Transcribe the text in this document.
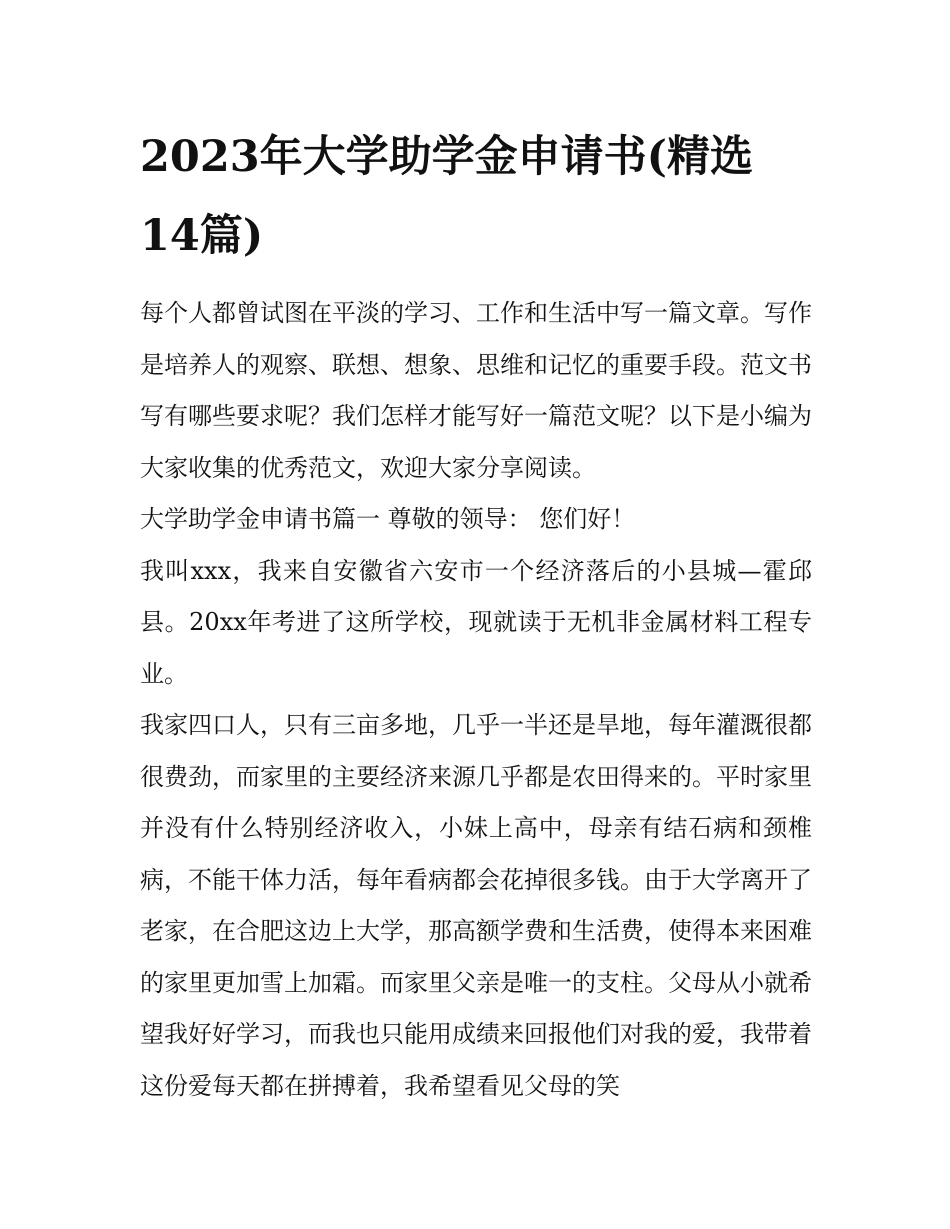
2023年大学助学金申请书(精选14篇)

每个人都曾试图在平淡的学习、工作和生活中写一篇文章。写作是培养人的观察、联想、想象、思维和记忆的重要手段。范文书写有哪些要求呢？我们怎样才能写好一篇范文呢？以下是小编为大家收集的优秀范文，欢迎大家分享阅读。

大学助学金申请书篇一 尊敬的领导： 您们好！

我叫xxx，我来自安徽省六安市一个经济落后的小县城—霍邱县。20xx年考进了这所学校，现就读于无机非金属材料工程专业。

我家四口人，只有三亩多地，几乎一半还是旱地，每年灌溉很都很费劲，而家里的主要经济来源几乎都是农田得来的。平时家里并没有什么特别经济收入，小妹上高中，母亲有结石病和颈椎病，不能干体力活，每年看病都会花掉很多钱。由于大学离开了老家，在合肥这边上大学，那高额学费和生活费，使得本来困难的家里更加雪上加霜。而家里父亲是唯一的支柱。父母从小就希望我好好学习，而我也只能用成绩来回报他们对我的爱，我带着这份爱每天都在拼搏着，我希望看见父母的笑
